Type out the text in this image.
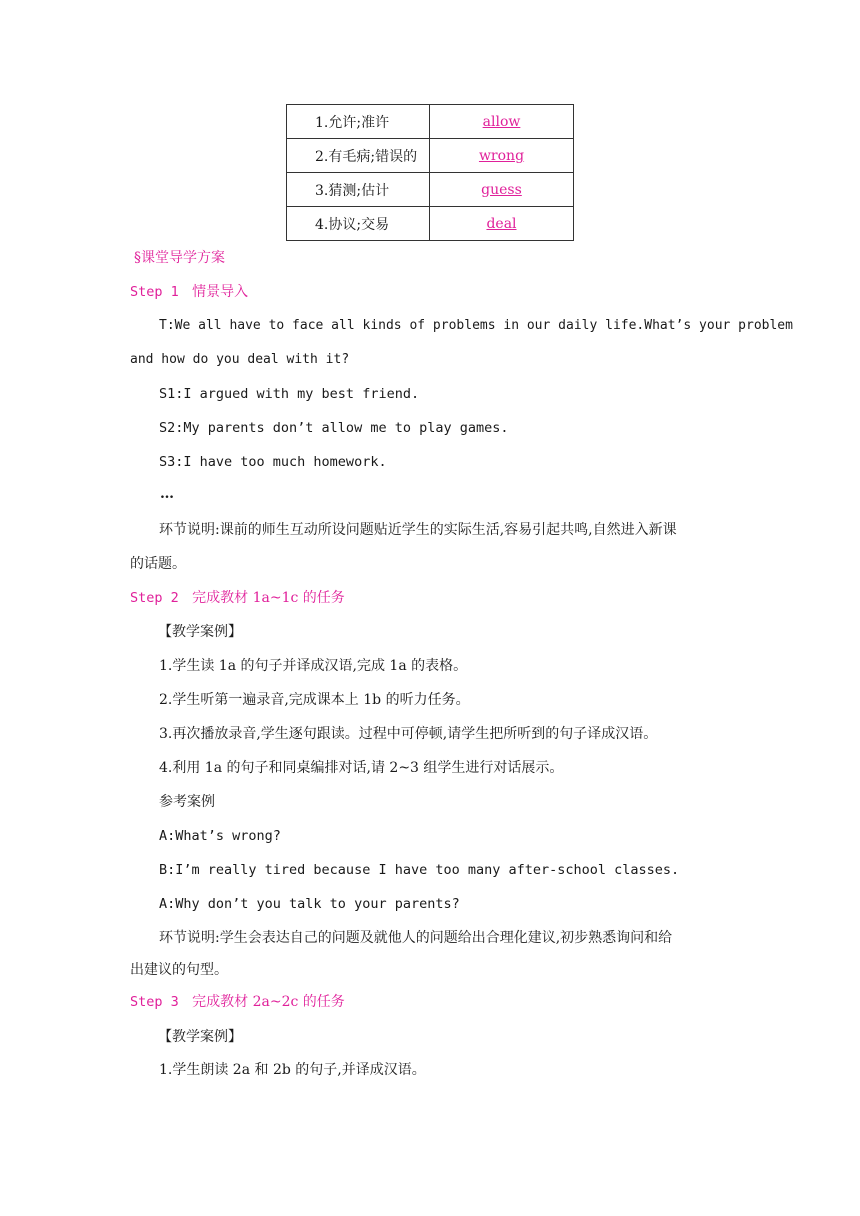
1.允许;准许	allow
2.有毛病;错误的	wrong
3.猜测;估计	guess
4.协议;交易	deal
§课堂导学方案
Step 1 情景导入
T:We all have to face all kinds of problems in our daily life.What’s your problem
and how do you deal with it?
S1:I argued with my best friend.
S2:My parents don’t allow me to play games.
S3:I have too much homework.
…
环节说明:课前的师生互动所设问题贴近学生的实际生活,容易引起共鸣,自然进入新课
的话题。
Step 2 完成教材 1a~1c 的任务
【教学案例】
1.学生读 1a 的句子并译成汉语,完成 1a 的表格。
2.学生听第一遍录音,完成课本上 1b 的听力任务。
3.再次播放录音,学生逐句跟读。过程中可停顿,请学生把所听到的句子译成汉语。
4.利用 1a 的句子和同桌编排对话,请 2~3 组学生进行对话展示。
参考案例
A:What’s wrong?
B:I’m really tired because I have too many after-school classes.
A:Why don’t you talk to your parents?
环节说明:学生会表达自己的问题及就他人的问题给出合理化建议,初步熟悉询问和给
出建议的句型。
Step 3 完成教材 2a~2c 的任务
【教学案例】
1.学生朗读 2a 和 2b 的句子,并译成汉语。
